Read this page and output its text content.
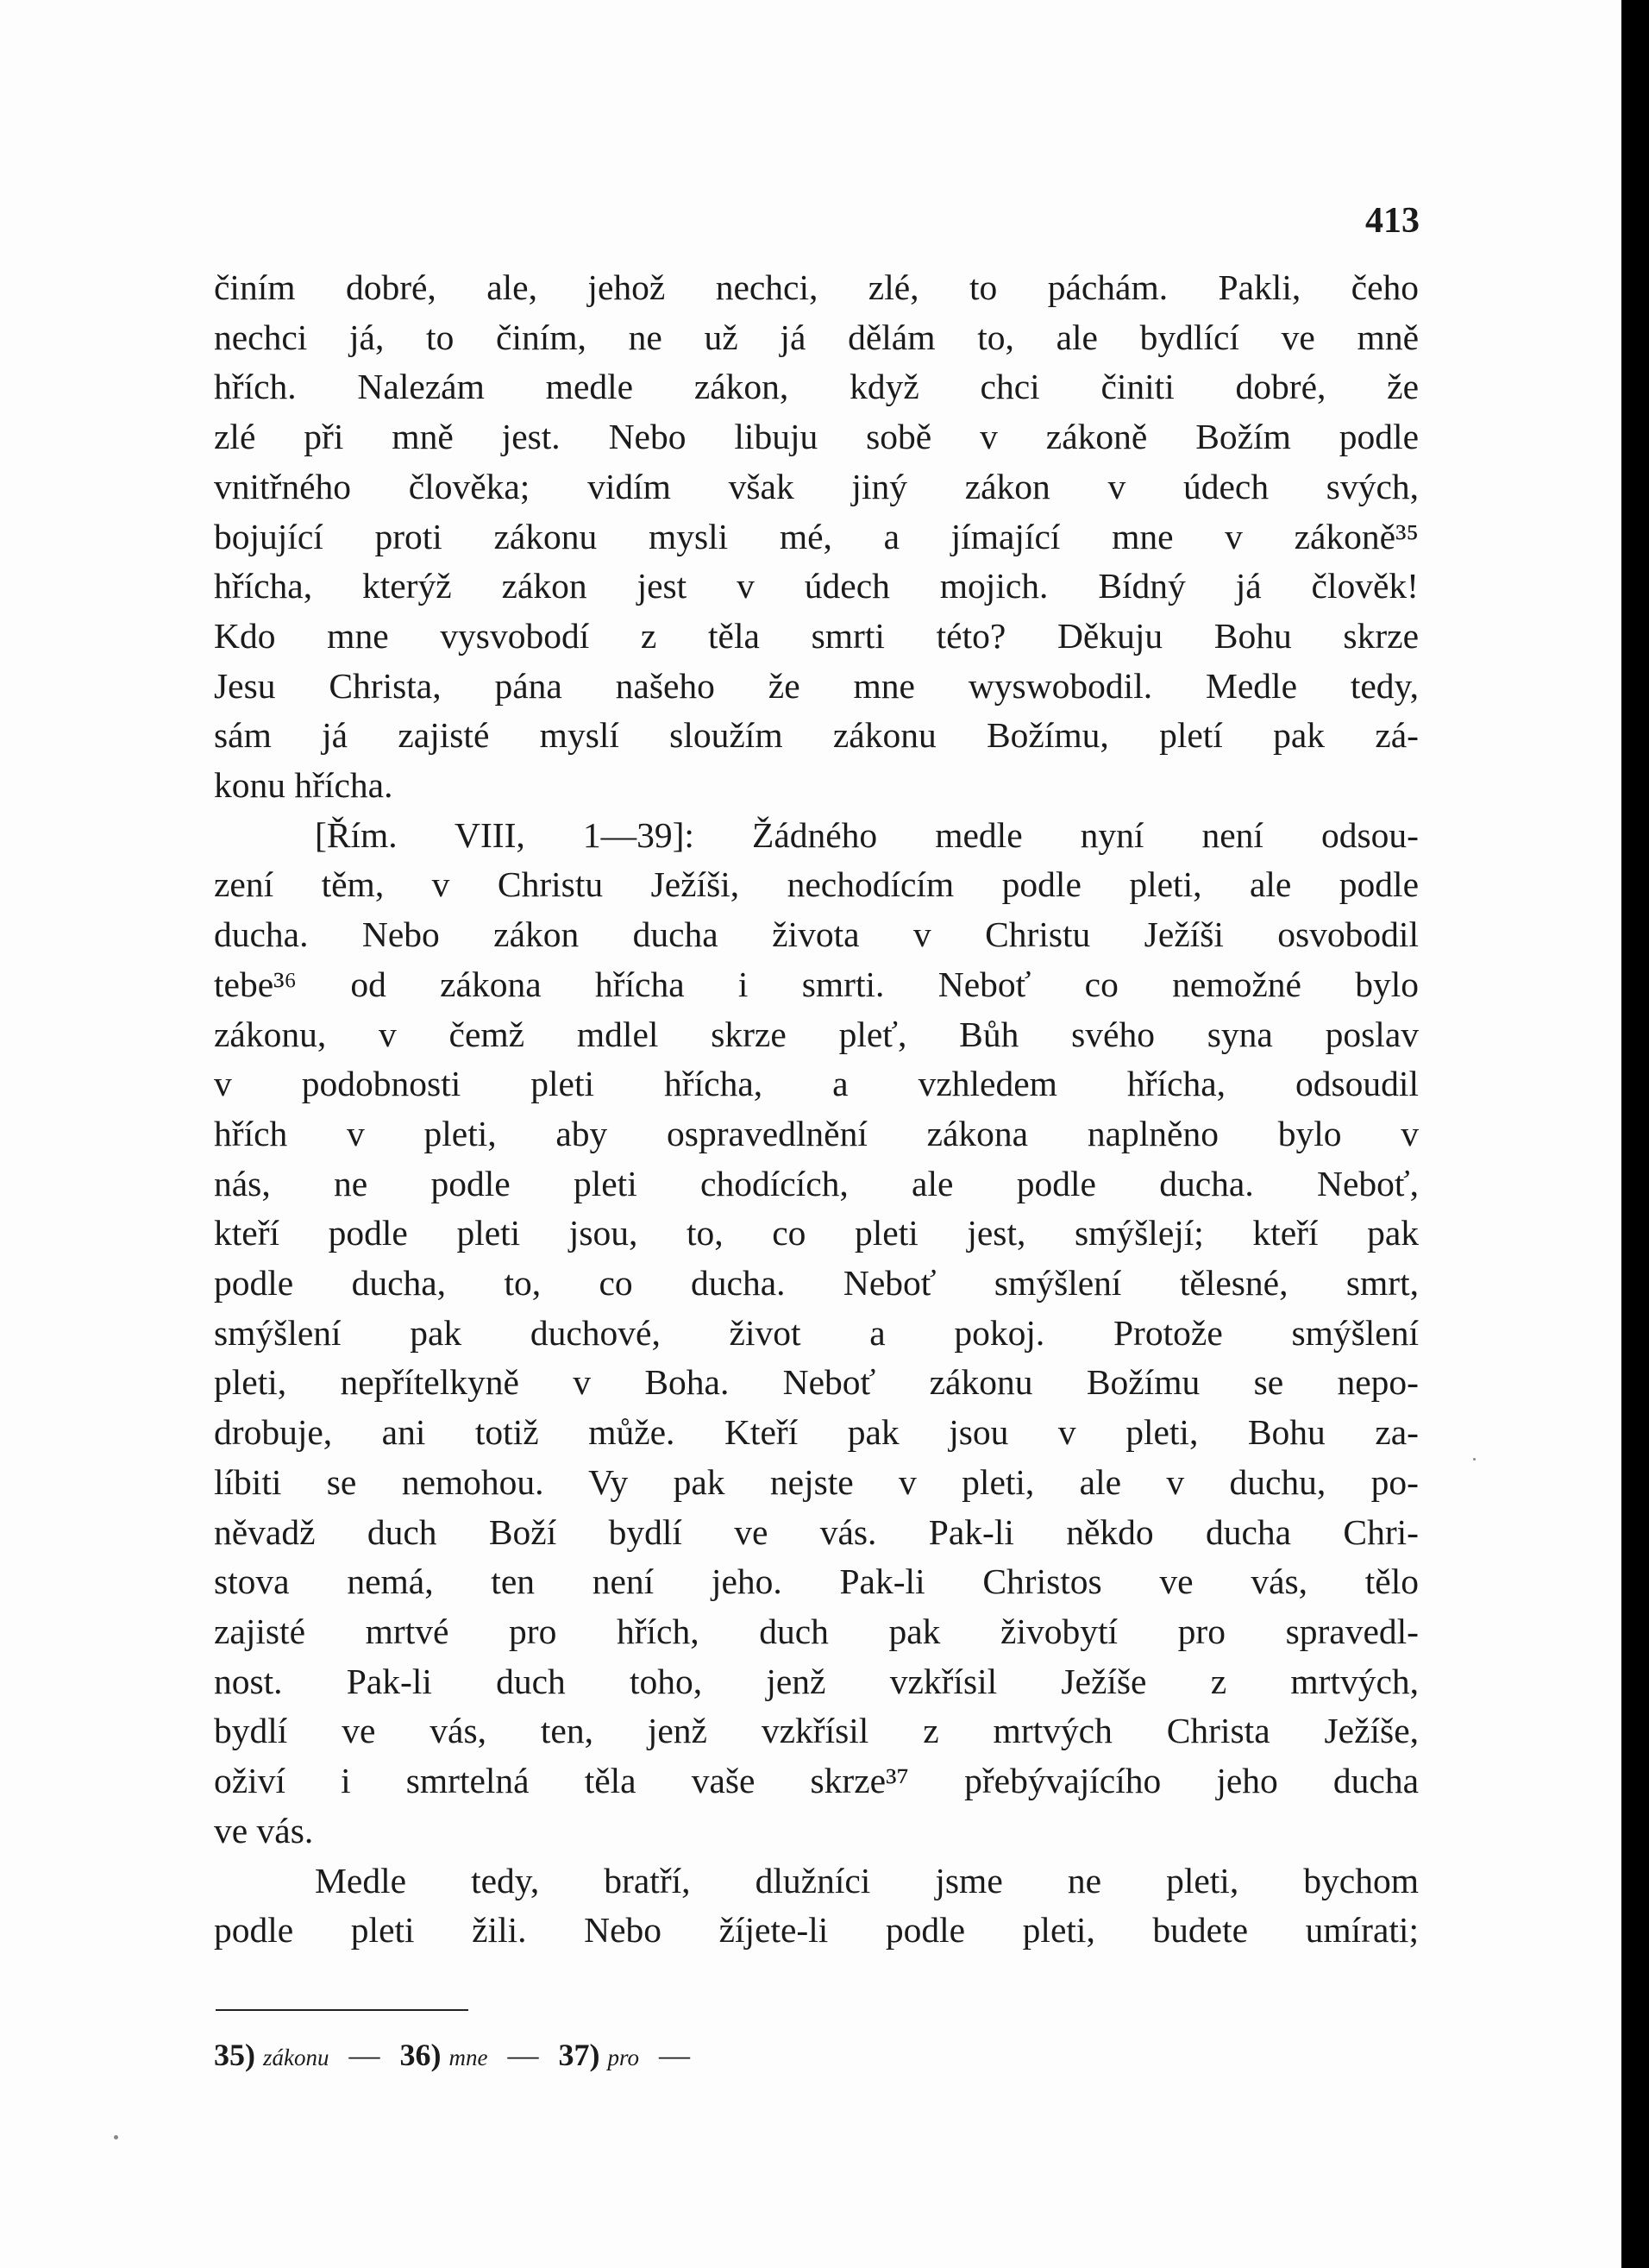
413
činím dobré, ale, jehož nechci, zlé, to páchám. Pakli, čeho
nechci já, to činím, ne už já dělám to, ale bydlící ve mně
hřích. Nalezám medle zákon, když chci činiti dobré, že
zlé při mně jest. Nebo libuju sobě v zákoně Božím podle
vnitřného člověka; vidím však jiný zákon v údech svých,
bojující proti zákonu mysli mé, a jímající mne v zákoně³⁵
hřícha, kterýž zákon jest v údech mojich. Bídný já člověk!
Kdo mne vysvobodí z těla smrti této? Děkuju Bohu skrze
Jesu Christa, pána našeho že mne wyswobodil. Medle tedy,
sám já zajisté myslí sloužím zákonu Božímu, pletí pak zá-
konu hřícha.
[Řím. VIII, 1—39]: Žádného medle nyní není odsou-
zení těm, v Christu Ježíši, nechodícím podle pleti, ale podle
ducha. Nebo zákon ducha života v Christu Ježíši osvobodil
tebe³⁶ od zákona hřícha i smrti. Neboť co nemožné bylo
zákonu, v čemž mdlel skrze pleť, Bůh svého syna poslav
v podobnosti pleti hřícha, a vzhledem hřícha, odsoudil
hřích v pleti, aby ospravedlnění zákona naplněno bylo v
nás, ne podle pleti chodících, ale podle ducha. Neboť,
kteří podle pleti jsou, to, co pleti jest, smýšlejí; kteří pak
podle ducha, to, co ducha. Neboť smýšlení tělesné, smrt,
smýšlení pak duchové, život a pokoj. Protože smýšlení
pleti, nepřítelkyně v Boha. Neboť zákonu Božímu se nepo-
drobuje, ani totiž může. Kteří pak jsou v pleti, Bohu za-
líbiti se nemohou. Vy pak nejste v pleti, ale v duchu, po-
něvadž duch Boží bydlí ve vás. Pak-li někdo ducha Chri-
stova nemá, ten není jeho. Pak-li Christos ve vás, tělo
zajisté mrtvé pro hřích, duch pak živobytí pro spravedl-
nost. Pak-li duch toho, jenž vzkřísil Ježíše z mrtvých,
bydlí ve vás, ten, jenž vzkřísil z mrtvých Christa Ježíše,
oživí i smrtelná těla vaše skrze³⁷ přebývajícího jeho ducha
ve vás.
Medle tedy, bratří, dlužníci jsme ne pleti, bychom
podle pleti žili. Nebo žíjete-li podle pleti, budete umírati;
35) zákonu — 36) mne — 37) pro —
